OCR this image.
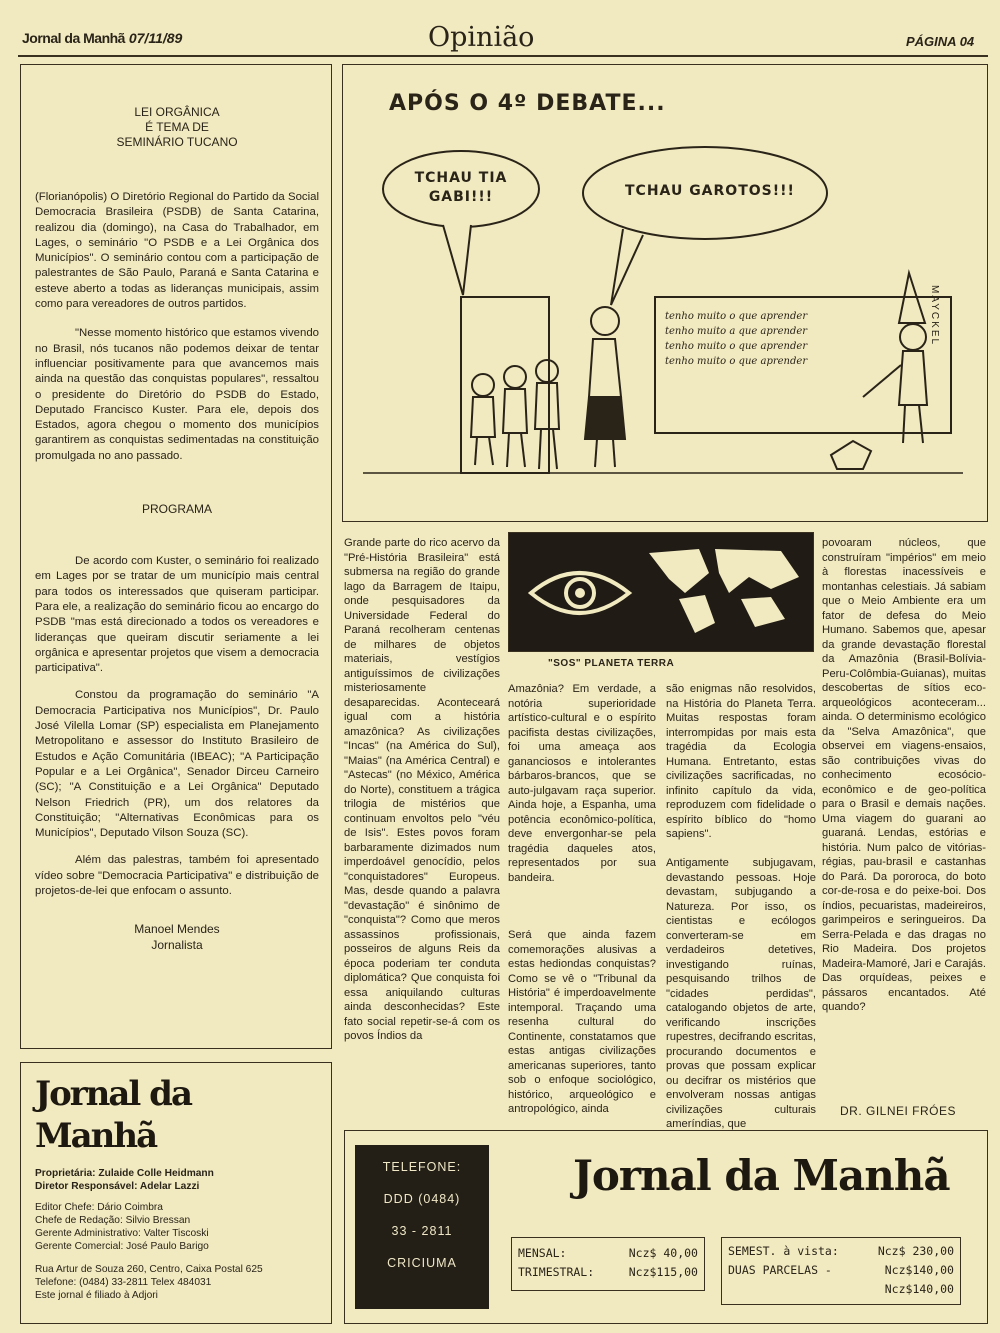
Jornal da Manhã 07/11/89	Opinião	PÁGINA 04
LEI ORGÂNICA
É TEMA DE
SEMINÁRIO TUCANO

(Florianópolis) O Diretório Regional do Partido da Social Democracia Brasileira (PSDB) de Santa Catarina, realizou dia (domingo), na Casa do Trabalhador, em Lages, o seminário "O PSDB e a Lei Orgânica dos Municípios". O seminário contou com a participação de palestrantes de São Paulo, Paraná e Santa Catarina e esteve aberto a todas as lideranças municipais, assim como para vereadores de outros partidos.

"Nesse momento histórico que estamos vivendo no Brasil, nós tucanos não podemos deixar de tentar influenciar positivamente para que avancemos mais ainda na questão das conquistas populares", ressaltou o presidente do Diretório do PSDB do Estado, Deputado Francisco Kuster. Para ele, depois dos Estados, agora chegou o momento dos municípios garantirem as conquistas sedimentadas na constituição promulgada no ano passado.

PROGRAMA

De acordo com Kuster, o seminário foi realizado em Lages por se tratar de um município mais central para todos os interessados que quiseram participar. Para ele, a realização do seminário ficou ao encargo do PSDB "mas está direcionado a todos os vereadores e lideranças que queiram discutir seriamente a lei orgânica e apresentar projetos que visem a democracia participativa".

Constou da programação do seminário "A Democracia Participativa nos Municípios", Dr. Paulo José Vilella Lomar (SP) especialista em Planejamento Metropolitano e assessor do Instituto Brasileiro de Estudos e Ação Comunitária (IBEAC); "A Participação Popular e a Lei Orgânica", Senador Dirceu Carneiro (SC); "A Constituição e a Lei Orgânica" Deputado Nelson Friedrich (PR), um dos relatores da Constituição; "Alternativas Econômicas para os Municípios", Deputado Vilson Souza (SC).

Além das palestras, também foi apresentado vídeo sobre "Democracia Participativa" e distribuição de projetos-de-lei que enfocam o assunto.

Manoel Mendes
Jornalista
APÓS O 4º DEBATE...
TCHAU TIA
GABI!!!	TCHAU GAROTOS!!!
tenho muito o que aprender
tenho muito a que aprender
tenho muito o que aprender
tenho muito o que aprender
MAYCKEL
"SOS" PLANETA TERRA

Grande parte do rico acervo da "Pré-História Brasileira" está submersa na região do grande lago da Barragem de Itaipu, onde pesquisadores da Universidade Federal do Paraná recolheram centenas de milhares de objetos materiais, vestígios antiguíssimos de civilizações misteriosamente desaparecidas. Aconteceará igual com a história amazônica? As civilizações "Incas" (na América do Sul), "Maias" (na América Central) e "Astecas" (no México, América do Norte), constituem a trágica trilogia de mistérios que continuam envoltos pelo "véu de Isis". Estes povos foram barbaramente dizimados num imperdoável genocídio, pelos "conquistadores" Europeus. Mas, desde quando a palavra "devastação" é sinônimo de "conquista"? Como que meros assassinos profissionais, posseiros de alguns Reis da época poderiam ter conduta diplomática? Que conquista foi essa aniquilando culturas ainda desconhecidas? Este fato social repetir-se-á com os povos Índios da

Amazônia? Em verdade, a notória superioridade artístico-cultural e o espírito pacifista destas civilizações, foi uma ameaça aos gananciosos e intolerantes bárbaros-brancos, que se auto-julgavam raça superior. Ainda hoje, a Espanha, uma potência econômico-política, deve envergonhar-se pela tragédia daqueles atos, representados por sua bandeira.

Será que ainda fazem comemorações alusivas a estas hediondas conquistas? Como se vê o "Tribunal da História" é imperdoavelmente intemporal. Traçando uma resenha cultural do Continente, constatamos que estas antigas civilizações americanas superiores, tanto sob o enfoque sociológico, histórico, arqueológico e antropológico, ainda

são enigmas não resolvidos, na História do Planeta Terra. Muitas respostas foram interrompidas por mais esta tragédia da Ecologia Humana. Entretanto, estas civilizações sacrificadas, no infinito capítulo da vida, reproduzem com fidelidade o espírito bíblico do "homo sapiens".

Antigamente subjugavam, devastando pessoas. Hoje devastam, subjugando a Natureza. Por isso, os cientistas e ecólogos converteram-se em verdadeiros detetives, investigando ruínas, pesquisando trilhos de "cidades perdidas", catalogando objetos de arte, verificando inscrições rupestres, decifrando escritas, procurando documentos e provas que possam explicar ou decifrar os mistérios que envolveram nossas antigas civilizações culturais ameríndias, que

povoaram núcleos, que construíram "impérios" em meio à florestas inacessíveis e montanhas celestiais. Já sabiam que o Meio Ambiente era um fator de defesa do Meio Humano. Sabemos que, apesar da grande devastação florestal da Amazônia (Brasil-Bolívia-Peru-Colômbia-Guianas), muitas descobertas de sítios eco-arqueológicos aconteceram... ainda. O determinismo ecológico da "Selva Amazônica", que observei em viagens-ensaios, são contribuições vivas do conhecimento ecosócio-econômico e de geo-política para o Brasil e demais nações. Uma viagem do guarani ao guaraná. Lendas, estórias e história. Num palco de vitórias-régias, pau-brasil e castanhas do Pará. Da pororoca, do boto cor-de-rosa e do peixe-boi. Dos índios, pecuaristas, madeireiros, garimpeiros e seringueiros. Da Serra-Pelada e das dragas no Rio Madeira. Dos projetos Madeira-Mamoré, Jari e Carajás. Das orquídeas, peixes e pássaros encantados. Até quando?

DR. GILNEI FRÓES
Jornal da Manhã
Proprietária: Zulaide Colle Heidmann
Diretor Responsável: Adelar Lazzi
Editor Chefe: Dário Coimbra
Chefe de Redação: Silvio Bressan
Gerente Administrativo: Valter Tiscoski
Gerente Comercial: José Paulo Barigo
Rua Artur de Souza 260, Centro, Caixa Postal 625
Telefone: (0484) 33-2811 Telex 484031
Este jornal é filiado à Adjori
TELEFONE:
DDD (0484)
33 - 2811
CRICIUMA
Jornal da Manhã
MENSAL:	Ncz$ 40,00
TRIMESTRAL:	Ncz$115,00
SEMEST. à vista:	Ncz$ 230,00
DUAS PARCELAS -	Ncz$140,00
Ncz$140,00
